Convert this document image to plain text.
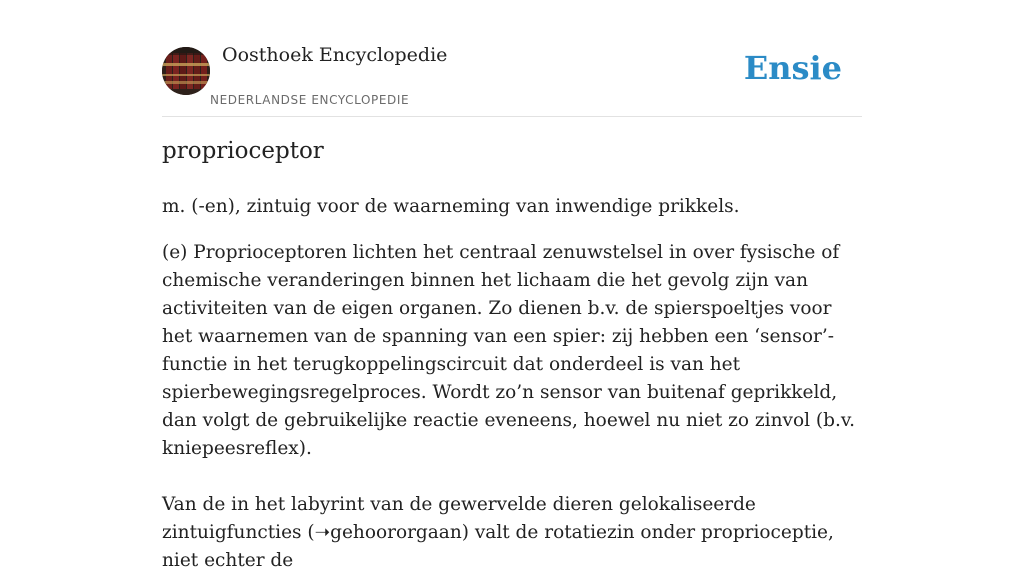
Oosthoek Encyclopedie
NEDERLANDSE ENCYCLOPEDIE
Ensie
proprioceptor

m. (-en), zintuig voor de waarneming van inwendige prikkels.

(e) Proprioceptoren lichten het centraal zenuwstelsel in over fysische of chemische veranderingen binnen het lichaam die het gevolg zijn van activiteiten van de eigen organen. Zo dienen b.v. de spierspoeltjes voor het waarnemen van de spanning van een spier: zij hebben een ‘sensor’-functie in het terugkoppelingscircuit dat onderdeel is van het spierbewegingsregelproces. Wordt zo’n sensor van buitenaf geprikkeld, dan volgt de gebruikelijke reactie eveneens, hoewel nu niet zo zinvol (b.v. kniepeesreflex).

Van de in het labyrint van de gewervelde dieren gelokaliseerde zintuigfuncties (➝gehoororgaan) valt de rotatiezin onder proprioceptie, niet echter de
